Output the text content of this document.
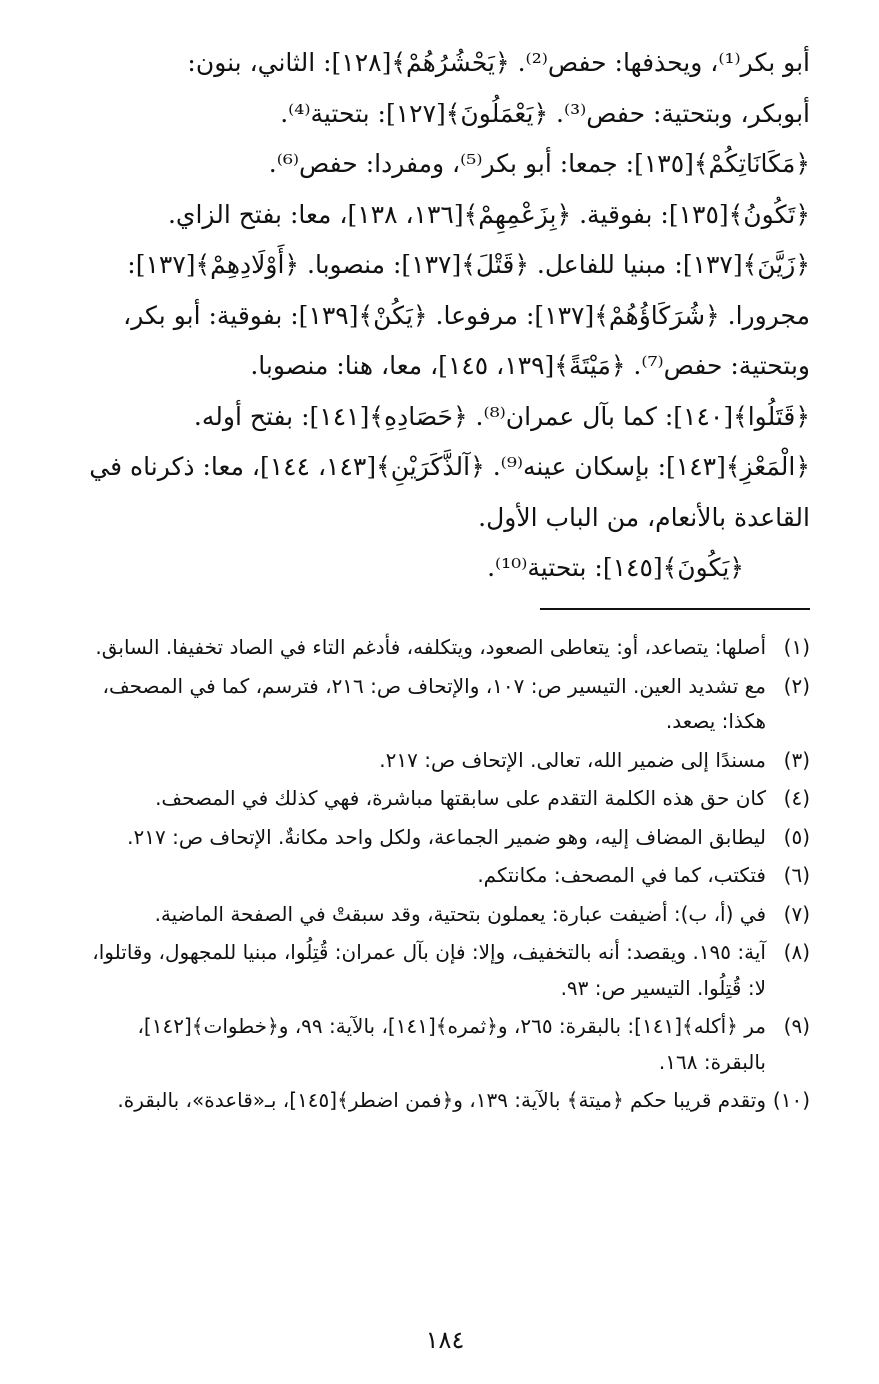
أبو بكر⁽¹⁾، ويحذفها: حفص⁽²⁾. ﴿يَحْشُرُهُمْ﴾[١٢٨]: الثاني، بنون:
أبوبكر، وبتحتية: حفص⁽³⁾. ﴿يَعْمَلُونَ﴾[١٢٧]: بتحتية⁽⁴⁾.
﴿مَكَانَاتِكُمْ﴾[١٣٥]: جمعا: أبو بكر⁽⁵⁾، ومفردا: حفص⁽⁶⁾.
﴿تَكُونُ﴾[١٣٥]: بفوقية. ﴿بِزَعْمِهِمْ﴾[١٣٦، ١٣٨]، معا: بفتح الزاي.
﴿زَيَّنَ﴾[١٣٧]: مبنيا للفاعل. ﴿قَتْلَ﴾[١٣٧]: منصوبا. ﴿أَوْلَادِهِمْ﴾[١٣٧]:
مجرورا. ﴿شُرَكَاؤُهُمْ﴾[١٣٧]: مرفوعا. ﴿يَكُنْ﴾[١٣٩]: بفوقية: أبو بكر،
وبتحتية: حفص⁽⁷⁾. ﴿مَيْتَةً﴾[١٣٩، ١٤٥]، معا، هنا: منصوبا.
﴿قَتَلُوا﴾[١٤٠]: كما بآل عمران⁽⁸⁾. ﴿حَصَادِهِ﴾[١٤١]: بفتح أوله.
﴿الْمَعْزِ﴾[١٤٣]: بإسكان عينه⁽⁹⁾. ﴿آلذَّكَرَيْنِ﴾[١٤٣، ١٤٤]، معا: ذكرناه في
القاعدة بالأنعام، من الباب الأول.
﴿يَكُونَ﴾[١٤٥]: بتحتية⁽¹⁰⁾.
(١)
أصلها: يتصاعد، أو: يتعاطى الصعود، ويتكلفه، فأدغم التاء في الصاد تخفيفا. السابق.
(٢)
مع تشديد العين. التيسير ص: ١٠٧، والإتحاف ص: ٢١٦، فترسم، كما في المصحف، هكذا: يصعد.
(٣)
مسندًا إلى ضمير الله، تعالى. الإتحاف ص: ٢١٧.
(٤)
كان حق هذه الكلمة التقدم على سابقتها مباشرة، فهي كذلك في المصحف.
(٥)
ليطابق المضاف إليه، وهو ضمير الجماعة، ولكل واحد مكانةٌ. الإتحاف ص: ٢١٧.
(٦)
فتكتب، كما في المصحف: مكانتكم.
(٧)
في (أ، ب): أضيفت عبارة: يعملون بتحتية، وقد سبقتْ في الصفحة الماضية.
(٨)
آية: ١٩٥. ويقصد: أنه بالتخفيف، وإلا: فإن بآل عمران: قُتِلُوا، مبنيا للمجهول، وقاتلوا، لا: قُتِلُوا. التيسير ص: ٩٣.
(٩)
مر ﴿أكله﴾[١٤١]: بالبقرة: ٢٦٥، و﴿ثمره﴾[١٤١]، بالآية: ٩٩، و﴿خطوات﴾[١٤٢]، بالبقرة: ١٦٨.
(١٠)
وتقدم قريبا حكم ﴿ميتة﴾ بالآية: ١٣٩، و﴿فمن اضطر﴾[١٤٥]، بـ«قاعدة»، بالبقرة.
١٨٤
